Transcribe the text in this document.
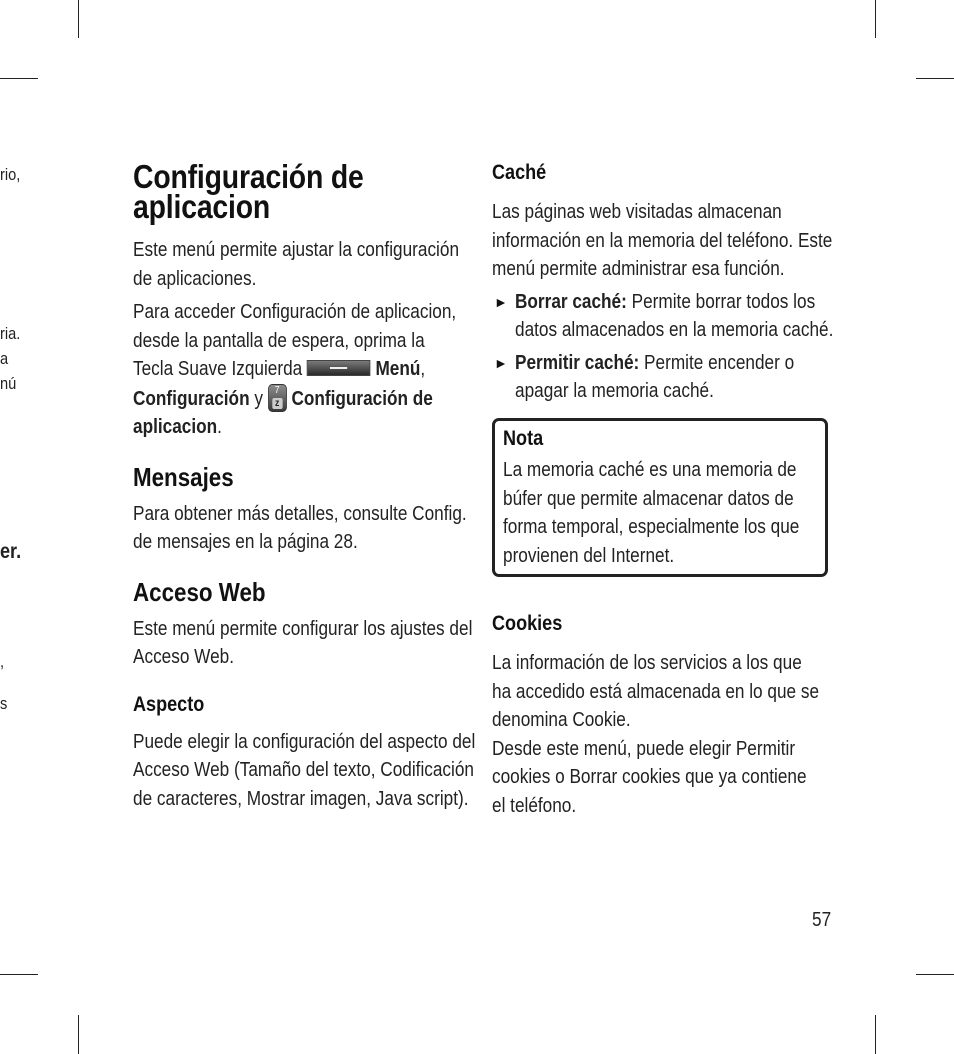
rio,
ria.
a
nú
er.
,
s
Configuración de
aplicacion

Este menú permite ajustar la configuración
de aplicaciones.

Para acceder Configuración de aplicacion,
desde la pantalla de espera, oprima la
Tecla Suave Izquierda	Menú,
Configuración y 7
z Configuración de
aplicacion.

Mensajes

Para obtener más detalles, consulte Config.
de mensajes en la página 28.

Acceso Web

Este menú permite configurar los ajustes del
Acceso Web.

Aspecto

Puede elegir la configuración del aspecto del
Acceso Web (Tamaño del texto, Codificación
de caracteres, Mostrar imagen, Java script).

Caché

Las páginas web visitadas almacenan
información en la memoria del teléfono. Este
menú permite administrar esa función.

► Borrar caché: Permite borrar todos los
datos almacenados en la memoria caché.
► Permitir caché: Permite encender o
apagar la memoria caché.
Nota

La memoria caché es una memoria de
búfer que permite almacenar datos de
forma temporal, especialmente los que
provienen del Internet.

Cookies

La información de los servicios a los que
ha accedido está almacenada en lo que se
denomina Cookie.
Desde este menú, puede elegir Permitir
cookies o Borrar cookies que ya contiene
el teléfono.

57
